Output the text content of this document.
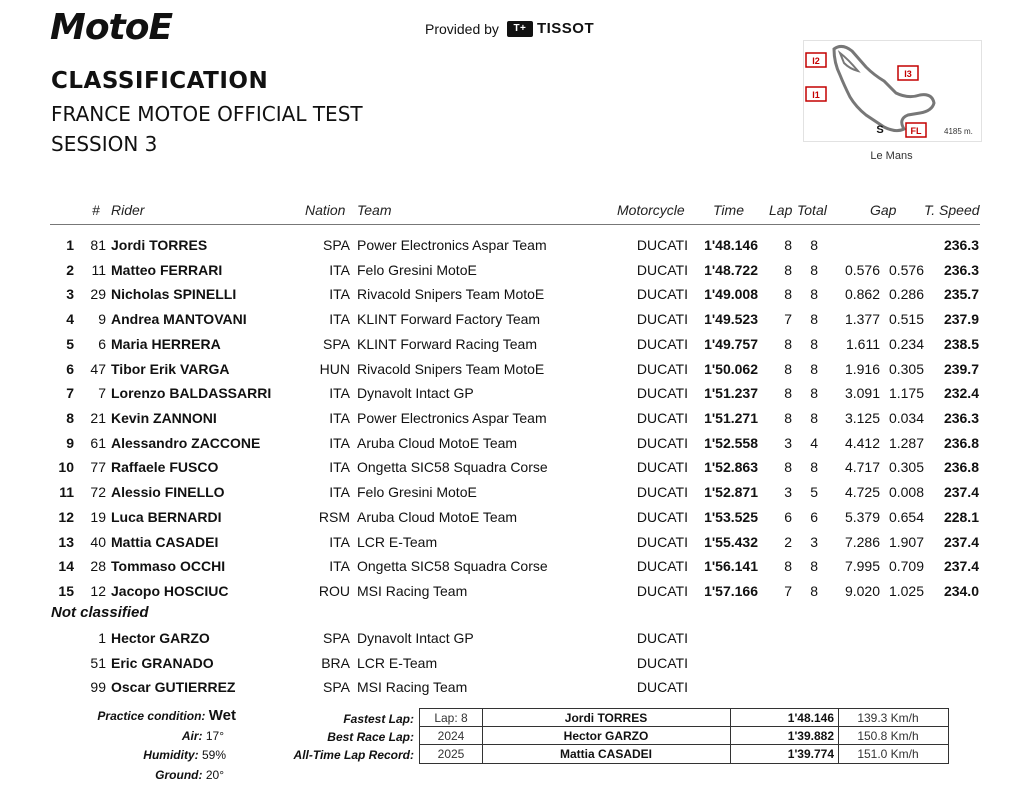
MotoE	Provided by	T+ TISSOT
CLASSIFICATION
FRANCE MOTOE OFFICIAL TEST
SESSION 3
I2
I3
I1
S	FL	4185 m.
Le Mans
# Rider	Nation Team	Motorcycle Time Lap Total	Gap T. Speed
1	81 Jordi TORRES	SPA Power Electronics Aspar Team	DUCATI	1'48.146	8	8	236.3
2	11 Matteo FERRARI	ITA Felo Gresini MotoE	DUCATI	1'48.722	8	8	0.576 0.576	236.3
3	29 Nicholas SPINELLI	ITA Rivacold Snipers Team MotoE	DUCATI	1'49.008	8	8	0.862 0.286	235.7
4	9 Andrea MANTOVANI	ITA KLINT Forward Factory Team	DUCATI	1'49.523	7	8	1.377 0.515	237.9
5	6 Maria HERRERA	SPA KLINT Forward Racing Team	DUCATI	1'49.757	8	8	1.611 0.234	238.5
6	47 Tibor Erik VARGA	HUN Rivacold Snipers Team MotoE	DUCATI	1'50.062	8	8	1.916 0.305	239.7
7	7 Lorenzo BALDASSARRI	ITA Dynavolt Intact GP	DUCATI	1'51.237	8	8	3.091 1.175	232.4
8	21 Kevin ZANNONI	ITA Power Electronics Aspar Team	DUCATI	1'51.271	8	8	3.125 0.034	236.3
9	61 Alessandro ZACCONE	ITA Aruba Cloud MotoE Team	DUCATI	1'52.558	3	4	4.412 1.287	236.8
10	77 Raffaele FUSCO	ITA Ongetta SIC58 Squadra Corse	DUCATI	1'52.863	8	8	4.717 0.305	236.8
11	72 Alessio FINELLO	ITA Felo Gresini MotoE	DUCATI	1'52.871	3	5	4.725 0.008	237.4
12	19 Luca BERNARDI	RSM Aruba Cloud MotoE Team	DUCATI	1'53.525	6	6	5.379 0.654	228.1
13	40 Mattia CASADEI	ITA LCR E-Team	DUCATI	1'55.432	2	3	7.286 1.907	237.4
14	28 Tommaso OCCHI	ITA Ongetta SIC58 Squadra Corse	DUCATI	1'56.141	8	8	7.995 0.709	237.4
15	12 Jacopo HOSCIUC	ROU MSI Racing Team	DUCATI	1'57.166	7	8	9.020 1.025	234.0
Not classified
1 Hector GARZO	SPA Dynavolt Intact GP	DUCATI
51 Eric GRANADO	BRA LCR E-Team	DUCATI
99 Oscar GUTIERREZ	SPA MSI Racing Team	DUCATI
Practice condition: Wet
Air: 17°
Humidity: 59%
Ground: 20°
Fastest Lap:
Best Race Lap:
All-Time Lap Record:
Lap: 8	Jordi TORRES	1'48.146	139.3 Km/h
2024	Hector GARZO	1'39.882	150.8 Km/h
2025	Mattia CASADEI	1'39.774	151.0 Km/h
